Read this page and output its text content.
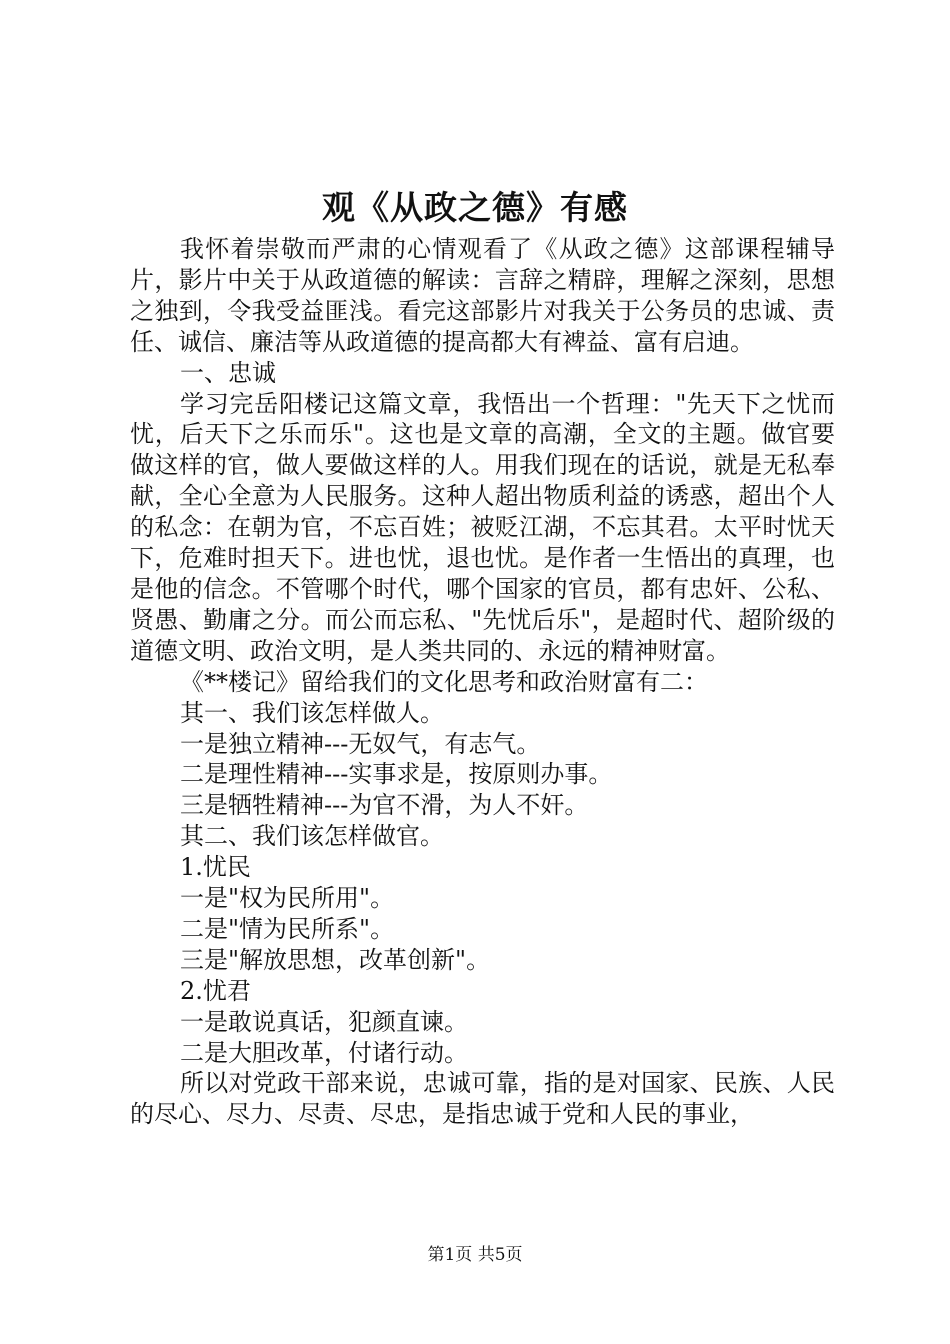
观《从政之德》有感

我怀着崇敬而严肃的心情观看了《从政之德》这部课程辅导片，影片中关于从政道德的解读：言辞之精辟，理解之深刻，思想之独到，令我受益匪浅。看完这部影片对我关于公务员的忠诚、责任、诚信、廉洁等从政道德的提高都大有裨益、富有启迪。

一、忠诚

学习完岳阳楼记这篇文章，我悟出一个哲理："先天下之忧而忧，后天下之乐而乐"。这也是文章的高潮，全文的主题。做官要做这样的官，做人要做这样的人。用我们现在的话说，就是无私奉献，全心全意为人民服务。这种人超出物质利益的诱惑，超出个人的私念：在朝为官，不忘百姓；被贬江湖，不忘其君。太平时忧天下，危难时担天下。进也忧，退也忧。是作者一生悟出的真理，也是他的信念。不管哪个时代，哪个国家的官员，都有忠奸、公私、贤愚、勤庸之分。而公而忘私、"先忧后乐"，是超时代、超阶级的道德文明、政治文明，是人类共同的、永远的精神财富。

《**楼记》留给我们的文化思考和政治财富有二：

其一、我们该怎样做人。

一是独立精神---无奴气，有志气。

二是理性精神---实事求是，按原则办事。

三是牺牲精神---为官不滑，为人不奸。

其二、我们该怎样做官。

1.忧民

一是"权为民所用"。

二是"情为民所系"。

三是"解放思想，改革创新"。

2.忧君

一是敢说真话，犯颜直谏。

二是大胆改革，付诸行动。

所以对党政干部来说，忠诚可靠，指的是对国家、民族、人民的尽心、尽力、尽责、尽忠，是指忠诚于党和人民的事业，

第1页 共5页
